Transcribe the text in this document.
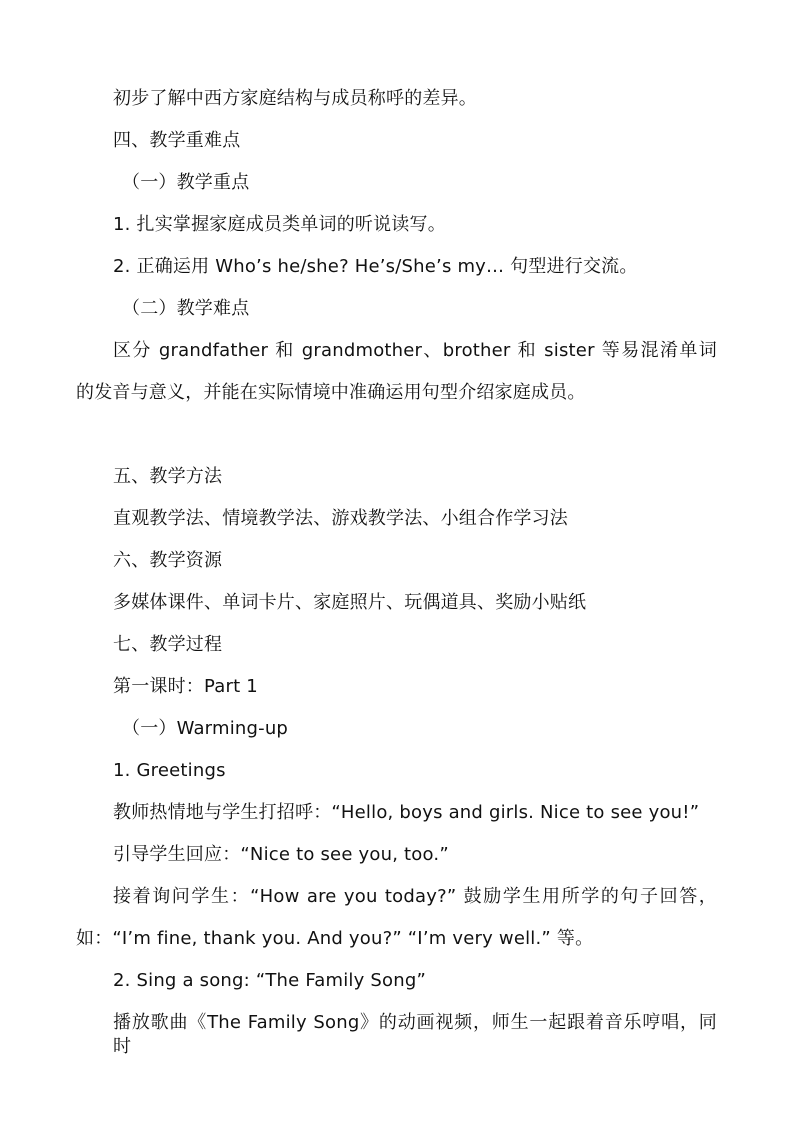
初步了解中西方家庭结构与成员称呼的差异。
四、教学重难点
（一）教学重点
1. 扎实掌握家庭成员类单词的听说读写。
2. 正确运用 Who’s he/she? He’s/She’s my… 句型进行交流。
（二）教学难点
区分 grandfather 和 grandmother、brother 和 sister 等易混淆单词
的发音与意义，并能在实际情境中准确运用句型介绍家庭成员。
五、教学方法
直观教学法、情境教学法、游戏教学法、小组合作学习法
六、教学资源
多媒体课件、单词卡片、家庭照片、玩偶道具、奖励小贴纸
七、教学过程
第一课时：Part 1
（一）Warming-up
1. Greetings
教师热情地与学生打招呼：“Hello, boys and girls. Nice to see you!”
引导学生回应：“Nice to see you, too.”
接着询问学生：“How are you today?” 鼓励学生用所学的句子回答，
如：“I’m fine, thank you. And you?” “I’m very well.” 等。
2. Sing a song: “The Family Song”
播放歌曲《The Family Song》的动画视频，师生一起跟着音乐哼唱，同时
